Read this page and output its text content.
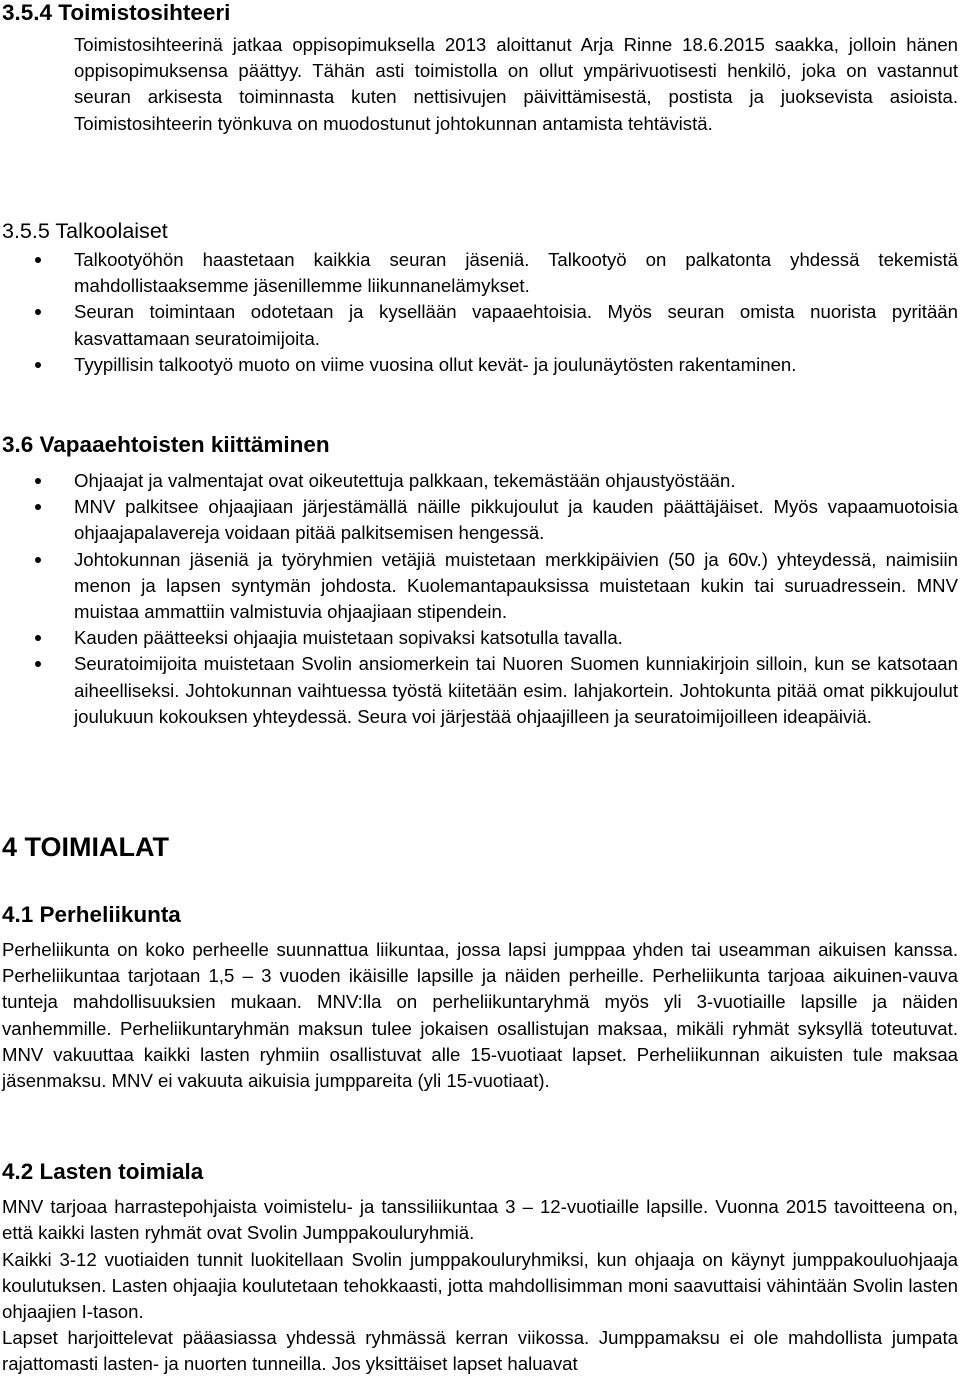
3.5.4 Toimistosihteeri

Toimistosihteerinä jatkaa oppisopimuksella 2013 aloittanut Arja Rinne 18.6.2015 saakka, jolloin hänen oppisopimuksensa päättyy. Tähän asti toimistolla on ollut ympärivuotisesti henkilö, joka on vastannut seuran arkisesta toiminnasta kuten nettisivujen päivittämisestä, postista ja juoksevista asioista. Toimistosihteerin työnkuva on muodostunut johtokunnan antamista tehtävistä.

3.5.5 Talkoolaiset
Talkootyöhön haastetaan kaikkia seuran jäseniä. Talkootyö on palkatonta yhdessä tekemistä mahdollistaaksemme jäsenillemme liikunnanelämykset.
Seuran toimintaan odotetaan ja kysellään vapaaehtoisia. Myös seuran omista nuorista pyritään kasvattamaan seuratoimijoita.
Tyypillisin talkootyö muoto on viime vuosina ollut kevät- ja joulunäytösten rakentaminen.
3.6 Vapaaehtoisten kiittäminen
Ohjaajat ja valmentajat ovat oikeutettuja palkkaan, tekemästään ohjaustyöstään.
MNV palkitsee ohjaajiaan järjestämällä näille pikkujoulut ja kauden päättäjäiset. Myös vapaamuotoisia ohjaajapalavereja voidaan pitää palkitsemisen hengessä.
Johtokunnan jäseniä ja työryhmien vetäjiä muistetaan merkkipäivien (50 ja 60v.) yhteydessä, naimisiin menon ja lapsen syntymän johdosta. Kuolemantapauksissa muistetaan kukin tai suruadressein. MNV muistaa ammattiin valmistuvia ohjaajiaan stipendein.
Kauden päätteeksi ohjaajia muistetaan sopivaksi katsotulla tavalla.
Seuratoimijoita muistetaan Svolin ansiomerkein tai Nuoren Suomen kunniakirjoin silloin, kun se katsotaan aiheelliseksi. Johtokunnan vaihtuessa työstä kiitetään esim. lahjakortein. Johtokunta pitää omat pikkujoulut joulukuun kokouksen yhteydessä. Seura voi järjestää ohjaajilleen ja seuratoimijoilleen ideapäiviä.
4 TOIMIALAT
4.1 Perheliikunta

Perheliikunta on koko perheelle suunnattua liikuntaa, jossa lapsi jumppaa yhden tai useamman aikuisen kanssa. Perheliikuntaa tarjotaan 1,5 – 3 vuoden ikäisille lapsille ja näiden perheille. Perheliikunta tarjoaa aikuinen-vauva tunteja mahdollisuuksien mukaan. MNV:lla on perheliikuntaryhmä myös yli 3-vuotiaille lapsille ja näiden vanhemmille. Perheliikuntaryhmän maksun tulee jokaisen osallistujan maksaa, mikäli ryhmät syksyllä toteutuvat. MNV vakuuttaa kaikki lasten ryhmiin osallistuvat alle 15-vuotiaat lapset. Perheliikunnan aikuisten tule maksaa jäsenmaksu. MNV ei vakuuta aikuisia jumppareita (yli 15-vuotiaat).

4.2 Lasten toimiala

MNV tarjoaa harrastepohjaista voimistelu- ja tanssiliikuntaa 3 – 12-vuotiaille lapsille. Vuonna 2015 tavoitteena on, että kaikki lasten ryhmät ovat Svolin Jumppakouluryhmiä.

Kaikki 3-12 vuotiaiden tunnit luokitellaan Svolin jumppakouluryhmiksi, kun ohjaaja on käynyt jumppakouluohjaaja koulutuksen. Lasten ohjaajia koulutetaan tehokkaasti, jotta mahdollisimman moni saavuttaisi vähintään Svolin lasten ohjaajien I-tason.

Lapset harjoittelevat pääasiassa yhdessä ryhmässä kerran viikossa. Jumppamaksu ei ole mahdollista jumpata rajattomasti lasten- ja nuorten tunneilla. Jos yksittäiset lapset haluavat
